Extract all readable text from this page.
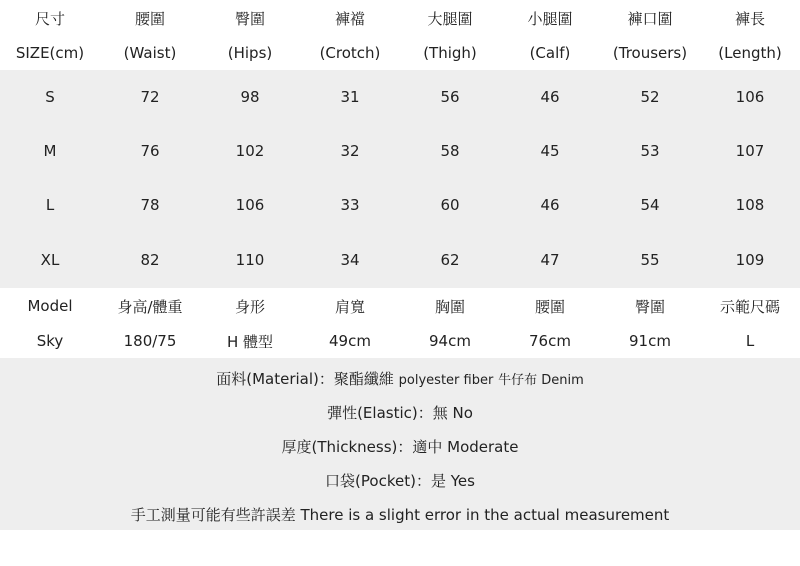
尺寸	腰圍	臀圍	褲襠	大腿圍	小腿圍	褲口圍	褲長
SIZE(cm)	(Waist)	(Hips)	(Crotch)	(Thigh)	(Calf)	(Trousers)	(Length)
S	72	98	31	56	46	52	106
M	76	102	32	58	45	53	107
L	78	106	33	60	46	54	108
XL	82	110	34	62	47	55	109
Model	身高/體重	身形	肩寬	胸圍	腰圍	臀圍	示範尺碼
Sky	180/75	H 體型	49cm	94cm	76cm	91cm	L
面料(Material)：聚酯纖維 polyester fiber 牛仔布 Denim
彈性(Elastic)：無 No
厚度(Thickness)：適中 Moderate
口袋(Pocket)：是 Yes
手工測量可能有些許誤差 There is a slight error in the actual measurement
